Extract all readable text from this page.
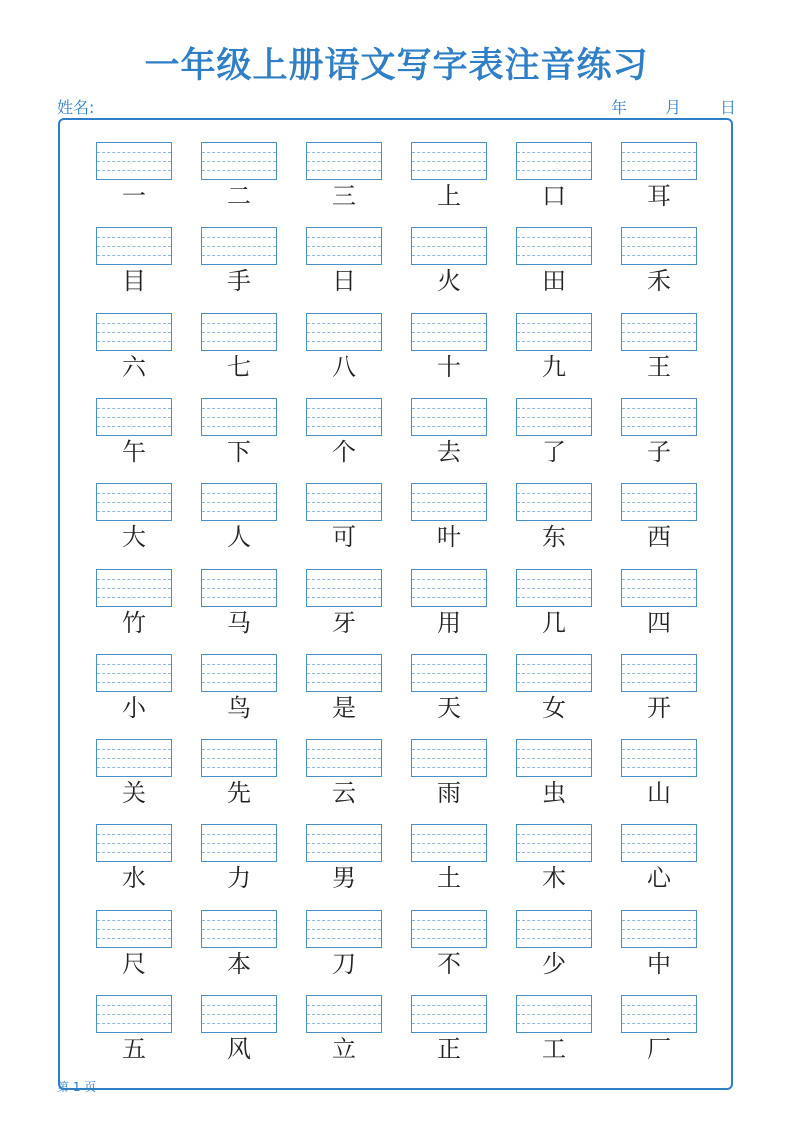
一年级上册语文写字表注音练习
姓名:	年 月 日
一	二	三	上	口	耳
目	手	日	火	田	禾
六	七	八	十	九	王
午	下	个	去	了	子
大	人	可	叶	东	西
竹	马	牙	用	几	四
小	鸟	是	天	女	开
关	先	云	雨	虫	山
水	力	男	土	木	心
尺	本	刀	不	少	中
五	风	立	正	工	厂
第 1 页
